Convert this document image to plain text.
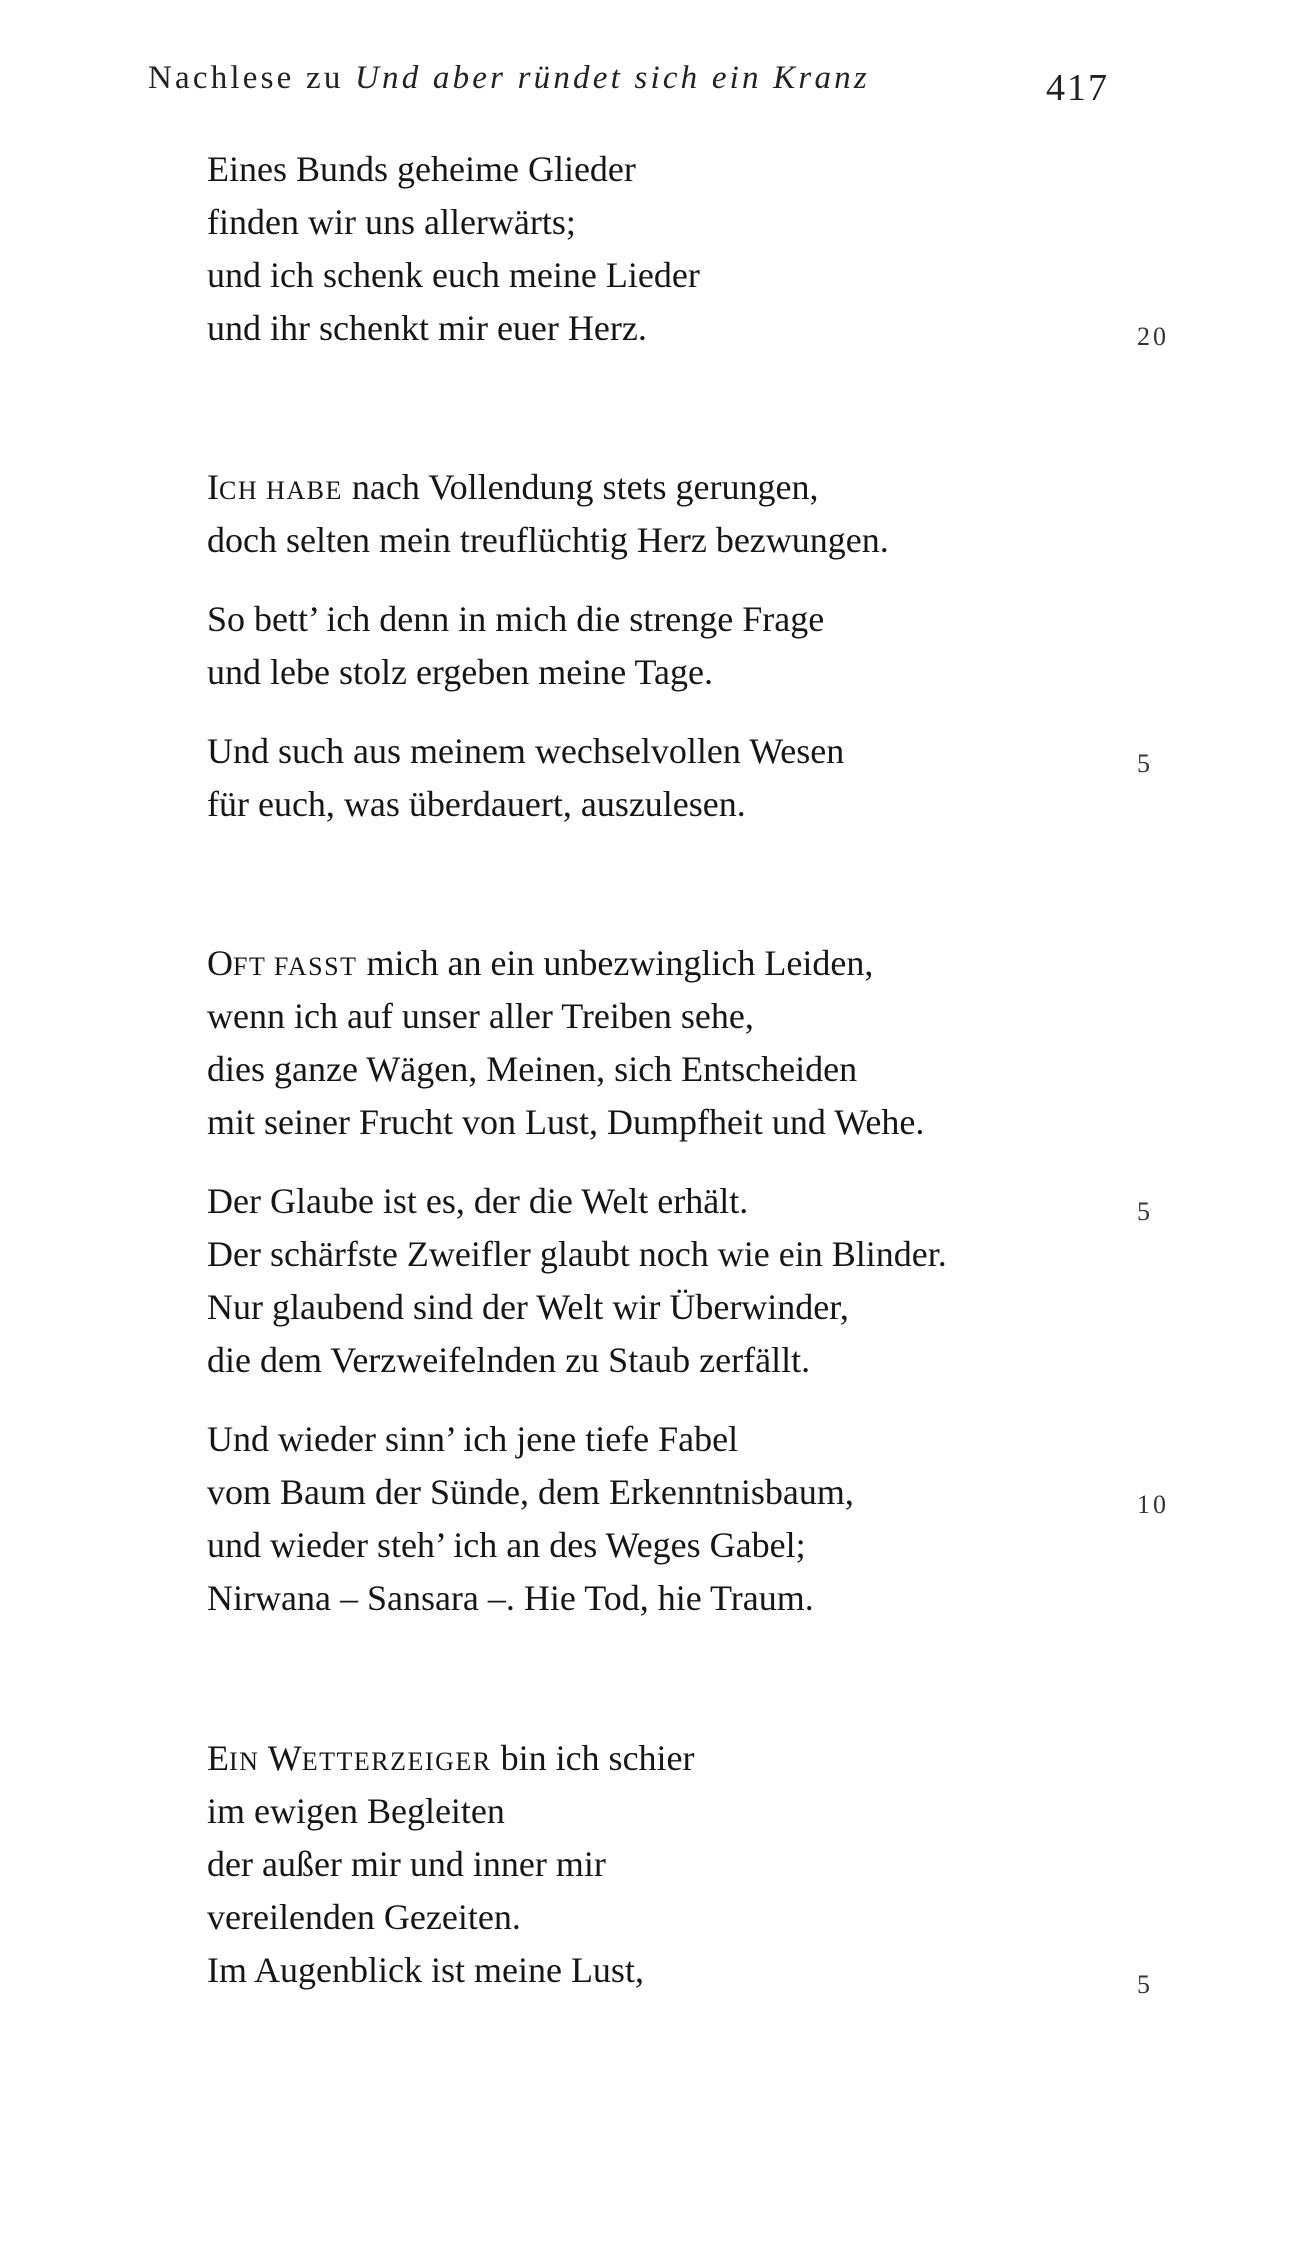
Nachlese zu Und aber ründet sich ein Kranz	417
Eines Bunds geheime Glieder
finden wir uns allerwärts;
und ich schenk euch meine Lieder
und ihr schenkt mir euer Herz.	20
ICH HABE nach Vollendung stets gerungen,
doch selten mein treuflüchtig Herz bezwungen.
So bett’ ich denn in mich die strenge Frage
und lebe stolz ergeben meine Tage.
Und such aus meinem wechselvollen Wesen	5
für euch, was überdauert, auszulesen.
OFT FASST mich an ein unbezwinglich Leiden,
wenn ich auf unser aller Treiben sehe,
dies ganze Wägen, Meinen, sich Entscheiden
mit seiner Frucht von Lust, Dumpfheit und Wehe.
Der Glaube ist es, der die Welt erhält.	5
Der schärfste Zweifler glaubt noch wie ein Blinder.
Nur glaubend sind der Welt wir Überwinder,
die dem Verzweifelnden zu Staub zerfällt.
Und wieder sinn’ ich jene tiefe Fabel
vom Baum der Sünde, dem Erkenntnisbaum,	10
und wieder steh’ ich an des Weges Gabel;
Nirwana – Sansara –. Hie Tod, hie Traum.
EIN WETTERZEIGER bin ich schier
im ewigen Begleiten
der außer mir und inner mir
vereilenden Gezeiten.
Im Augenblick ist meine Lust,	5
